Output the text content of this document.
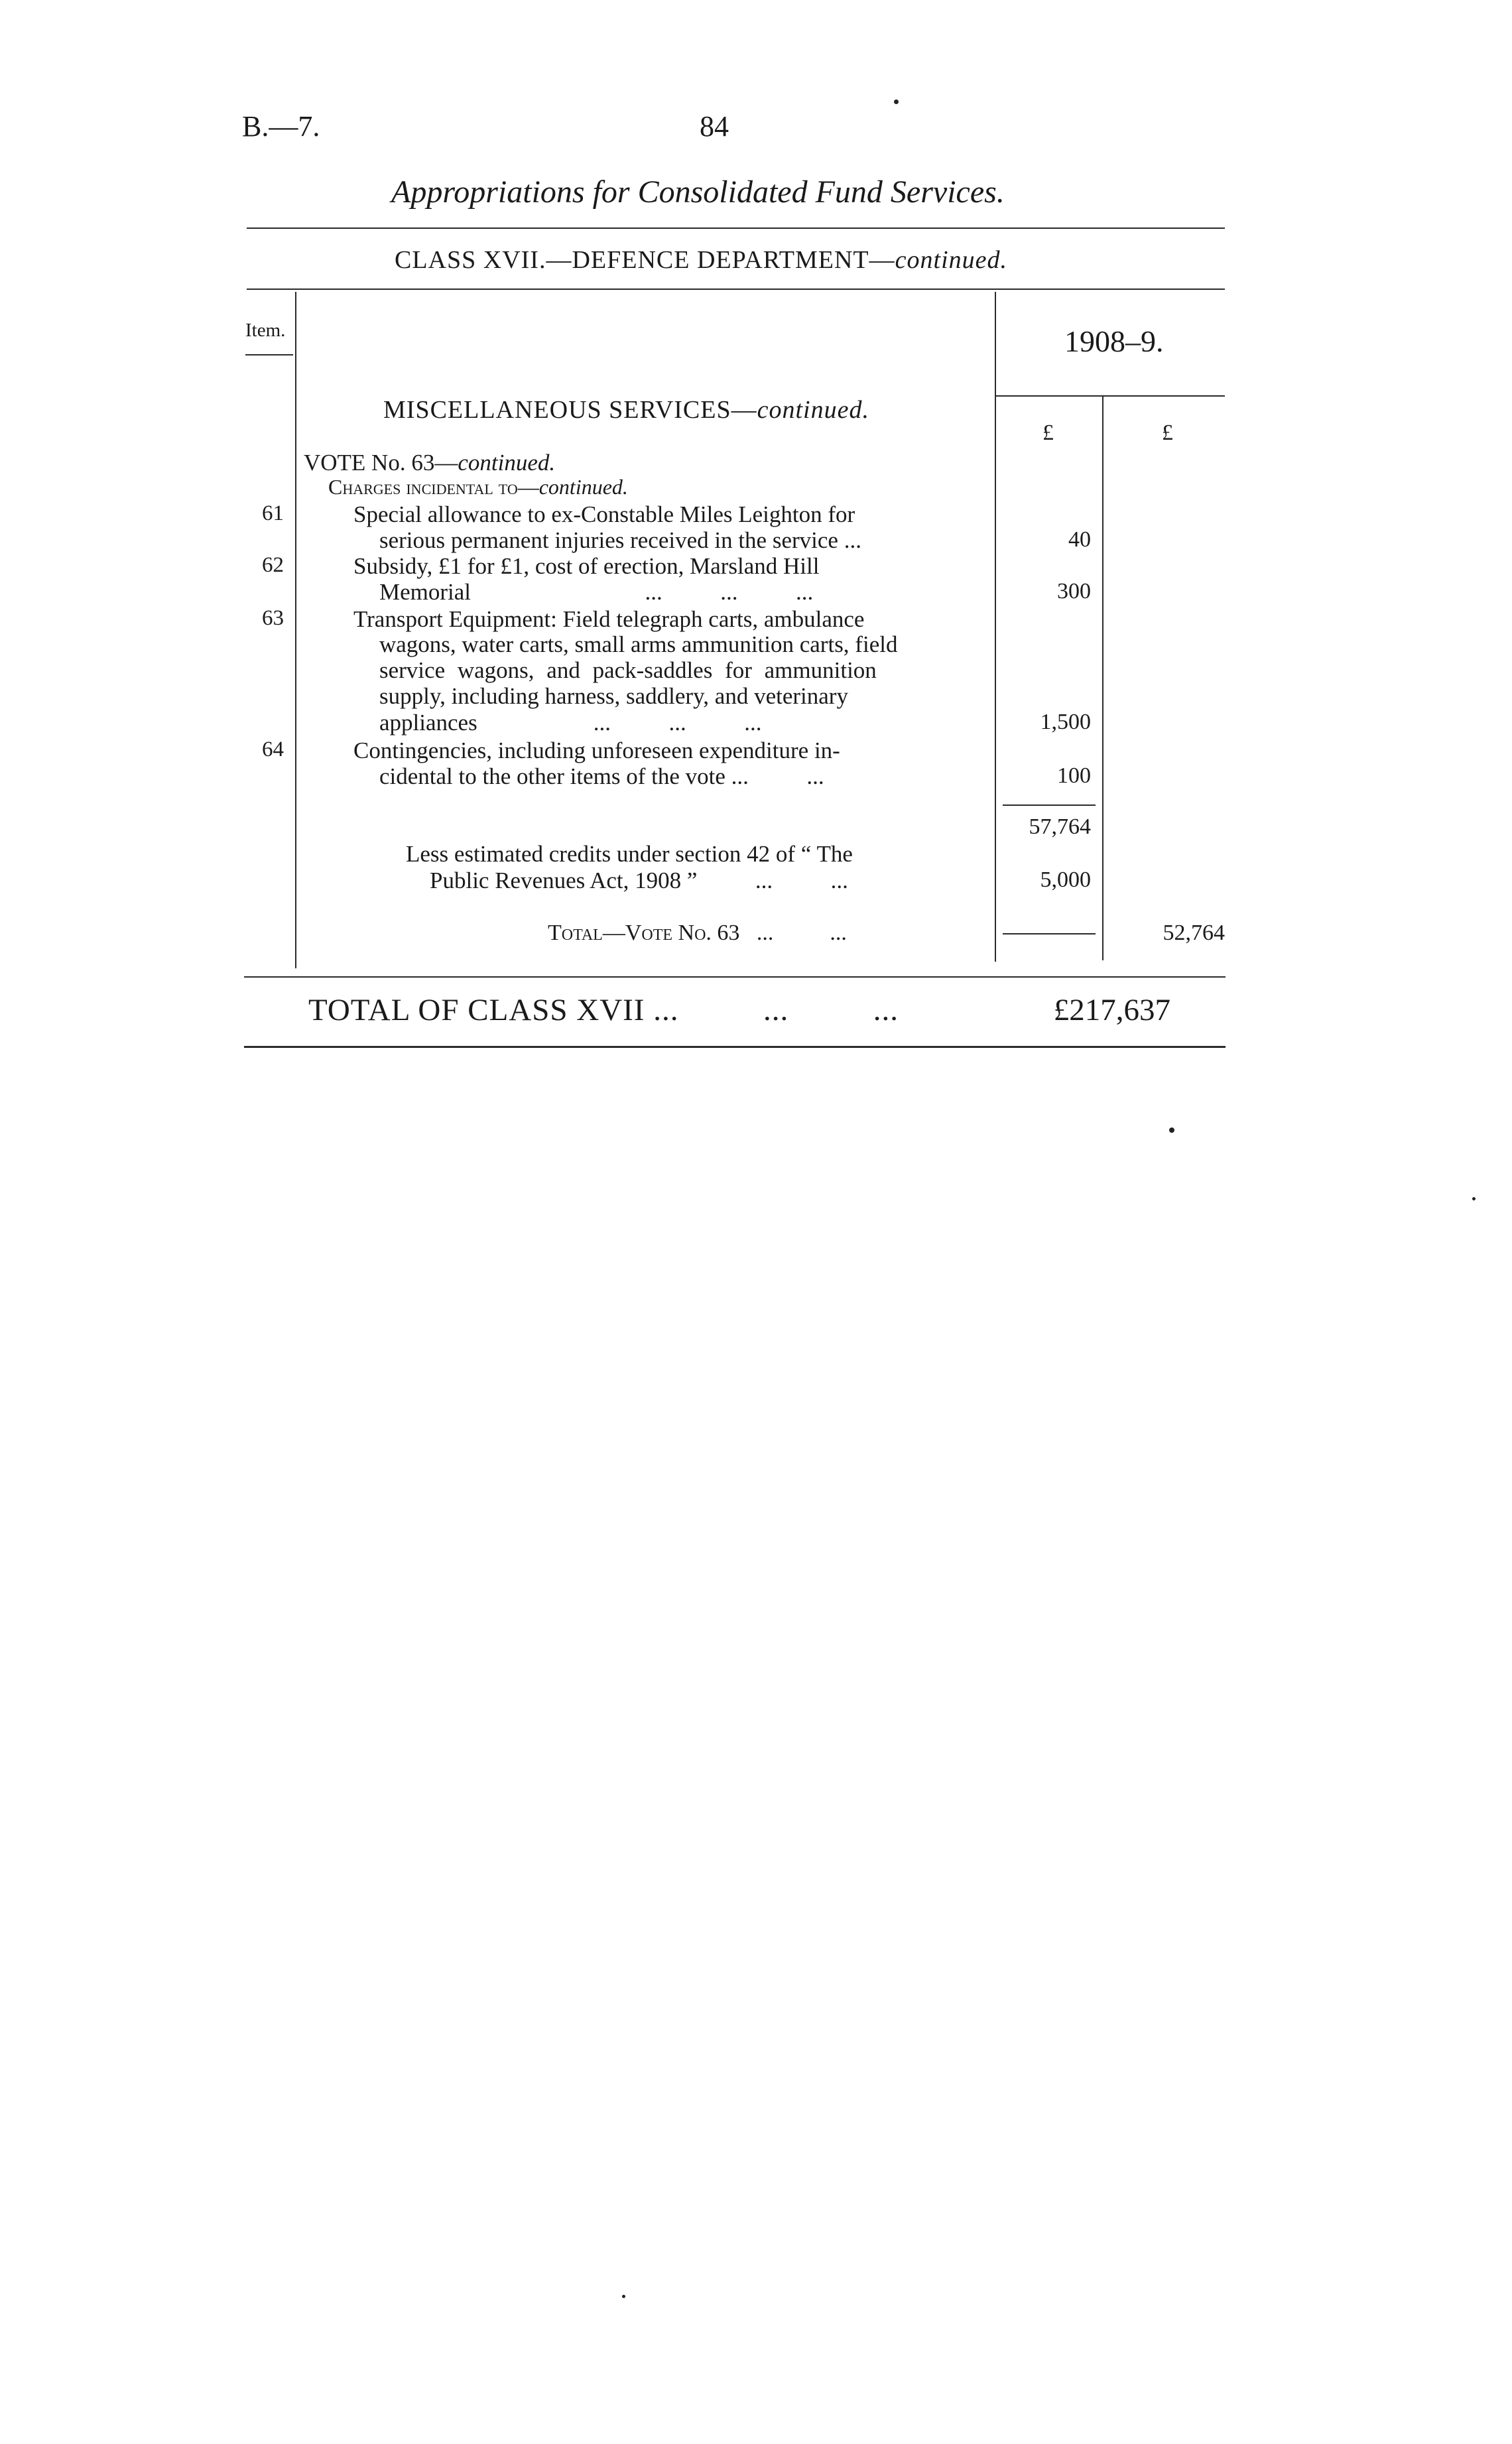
B.—7.	84
Appropriations for Consolidated Fund Services.
CLASS XVII.—DEFENCE DEPARTMENT—continued.
Item.	1908–9.
£	£
MISCELLANEOUS SERVICES—continued.
VOTE No. 63—continued.
Charges incidental to—continued.
61	Special allowance to ex-Constable Miles Leighton for
serious permanent injuries received in the service ...	40
62	Subsidy, £1 for £1, cost of erection, Marsland Hill
Memorial                              ...          ...          ...	300
63	Transport Equipment: Field telegraph carts, ambulance
wagons, water carts, small arms ammunition carts, field
service wagons, and pack-saddles for ammunition
supply, including harness, saddlery, and veterinary
appliances                    ...          ...          ...	1,500
64	Contingencies, including unforeseen expenditure in-
cidental to the other items of the vote ...          ...	100
57,764
Less estimated credits under section 42 of “ The
Public Revenues Act, 1908 ”          ...          ...	5,000
Total—Vote No. 63   ...          ...	52,764
TOTAL OF CLASS XVII ...          ...          ...	£217,637
